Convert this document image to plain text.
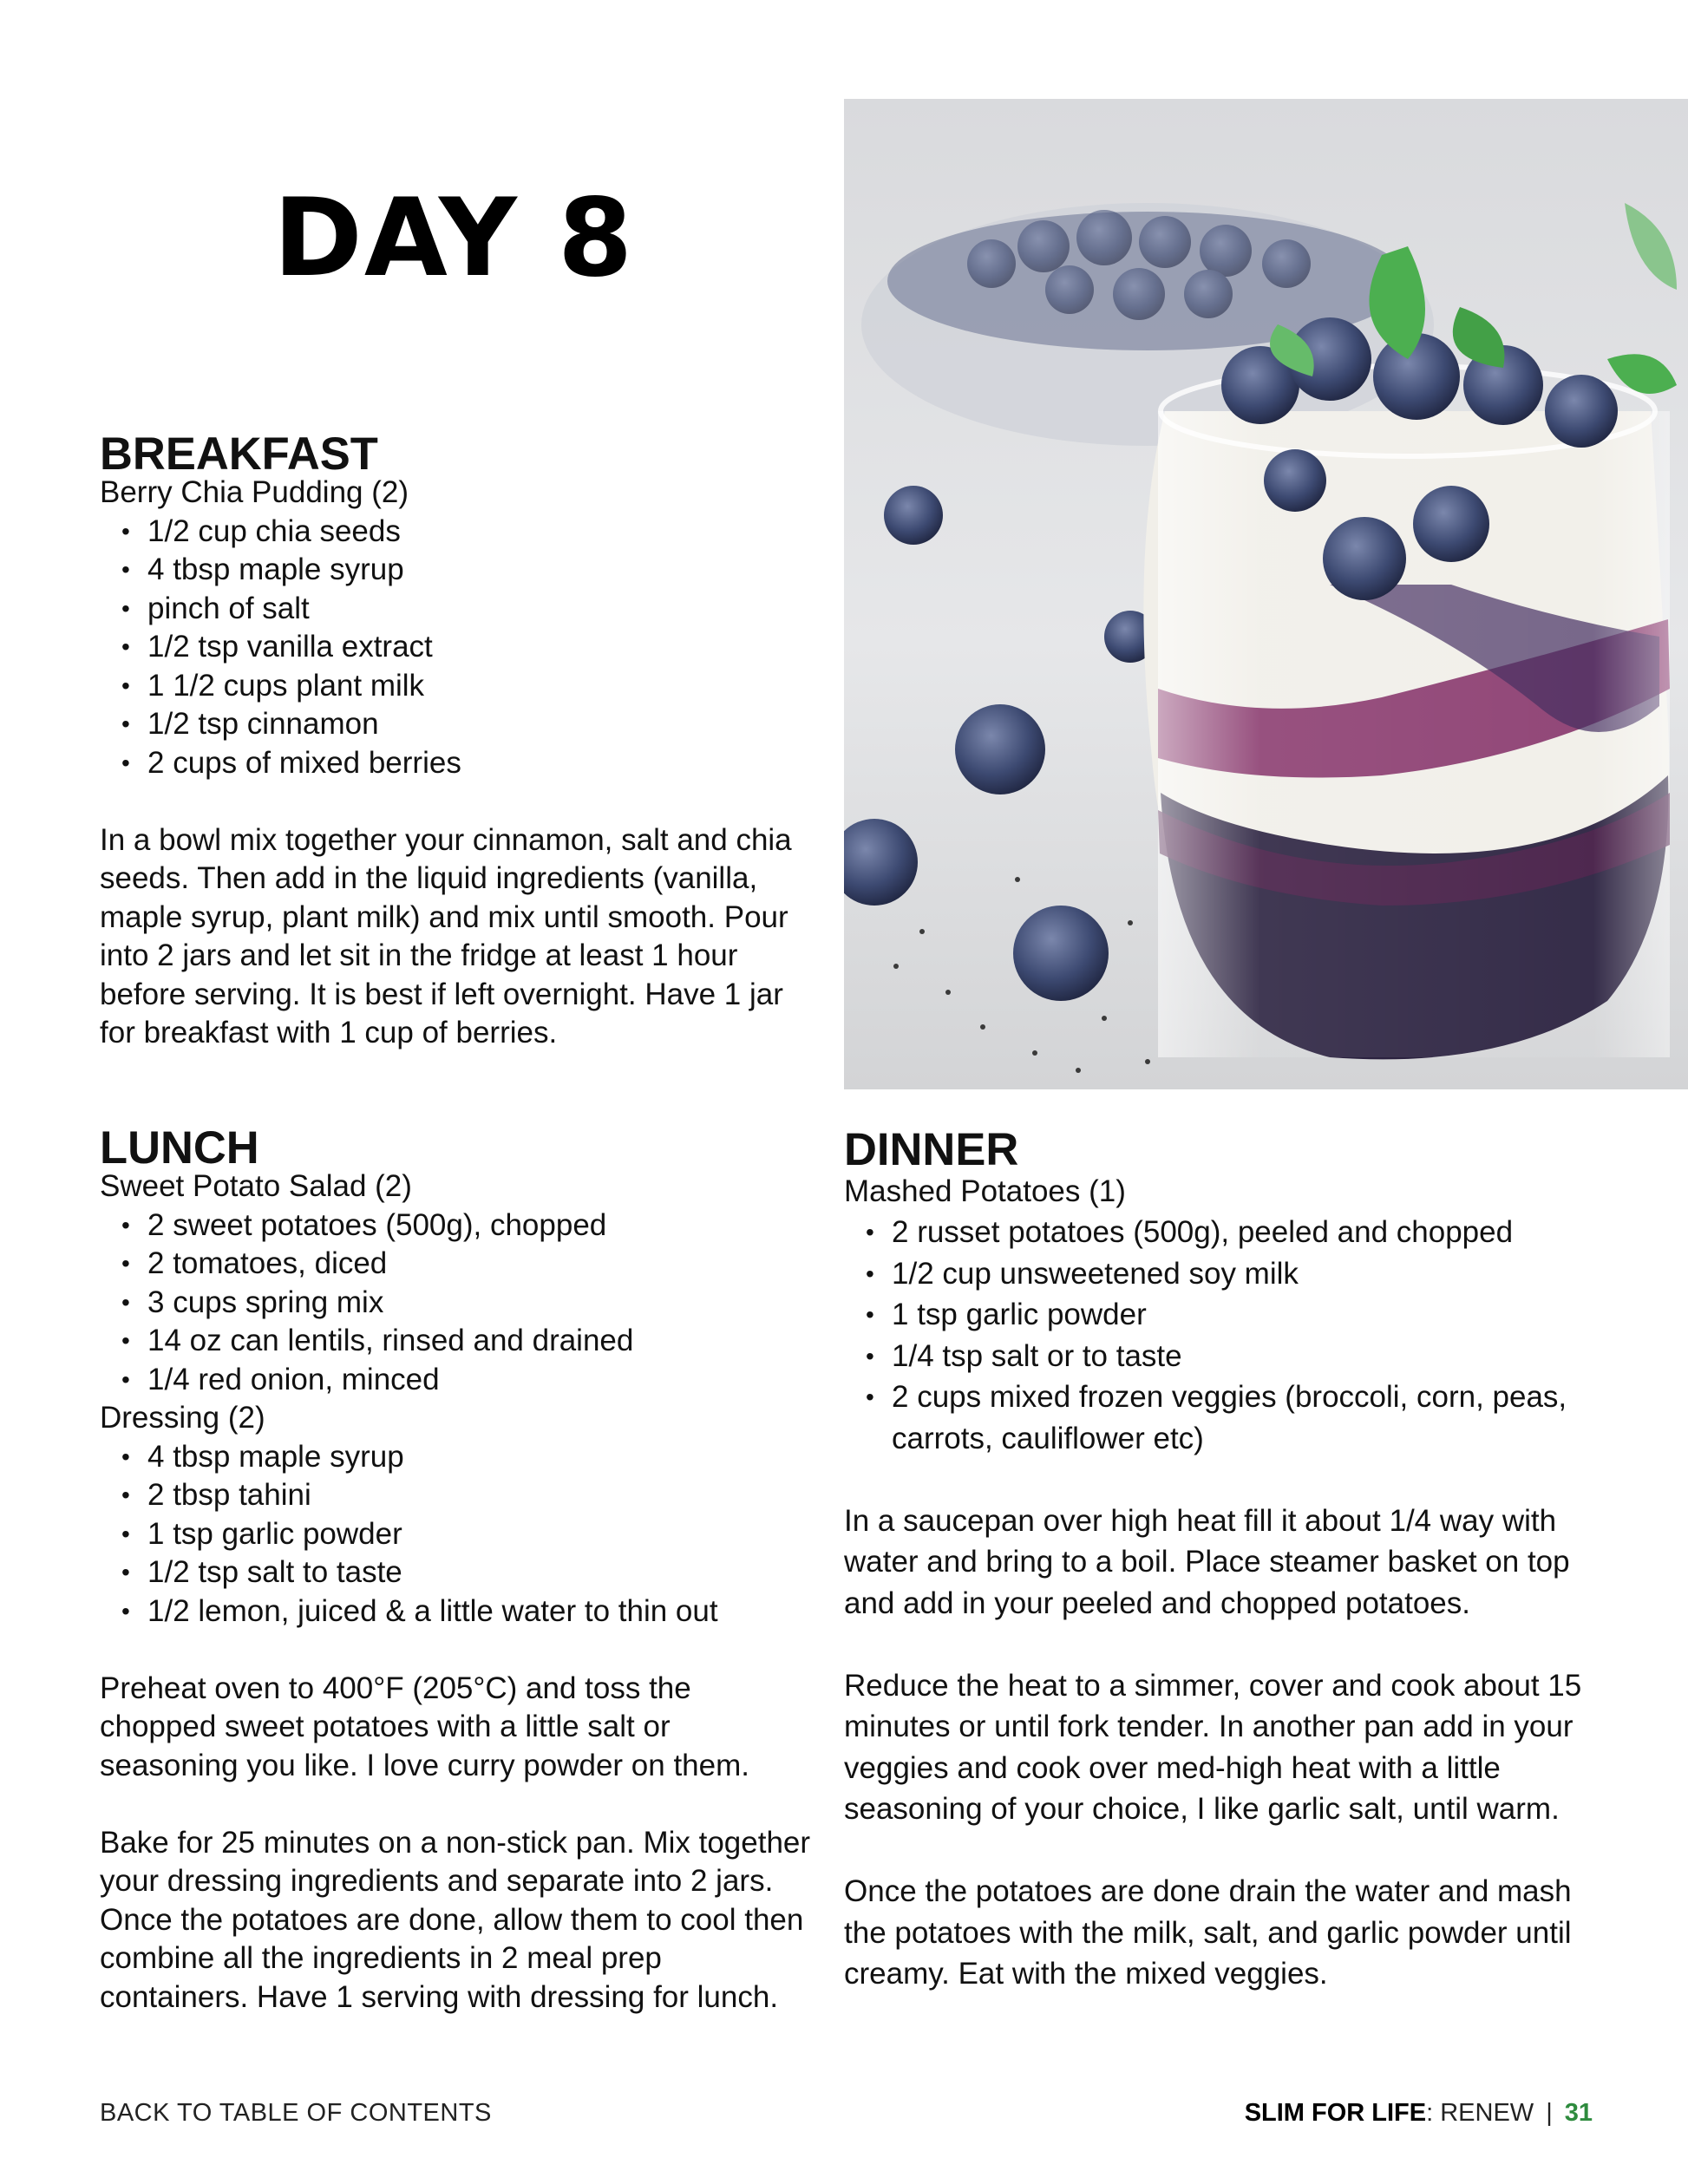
DAY 8
BREAKFAST

Berry Chia Pudding (2)

• 1/2 cup chia seeds
• 4 tbsp maple syrup
• pinch of salt
• 1/2 tsp vanilla extract
• 1 1/2 cups plant milk
• 1/2 tsp cinnamon
• 2 cups of mixed berries

In a bowl mix together your cinnamon, salt and chia seeds. Then add in the liquid ingredients (vanilla, maple syrup, plant milk) and mix until smooth. Pour into 2 jars and let sit in the fridge at least 1 hour before serving. It is best if left overnight. Have 1 jar for breakfast with 1 cup of berries.

LUNCH

Sweet Potato Salad (2)

• 2 sweet potatoes (500g), chopped
• 2 tomatoes, diced
• 3 cups spring mix
• 14 oz can lentils, rinsed and drained
• 1/4 red onion, minced

Dressing (2)

• 4 tbsp maple syrup
• 2 tbsp tahini
• 1 tsp garlic powder
• 1/2 tsp salt to taste
• 1/2 lemon, juiced & a little water to thin out

Preheat oven to 400°F (205°C) and toss the chopped sweet potatoes with a little salt or seasoning you like. I love curry powder on them.

Bake for 25 minutes on a non-stick pan. Mix together your dressing ingredients and separate into 2 jars. Once the potatoes are done, allow them to cool then combine all the ingredients in 2 meal prep containers. Have 1 serving with dressing for lunch.

DINNER

Mashed Potatoes (1)

• 2 russet potatoes (500g), peeled and chopped
• 1/2 cup unsweetened soy milk
• 1 tsp garlic powder
• 1/4 tsp salt or to taste
• 2 cups mixed frozen veggies (broccoli, corn, peas, carrots, cauliflower etc)

In a saucepan over high heat fill it about 1/4 way with water and bring to a boil. Place steamer basket on top and add in your peeled and chopped potatoes.

Reduce the heat to a simmer, cover and cook about 15 minutes or until fork tender. In another pan add in your veggies and cook over med-high heat with a little seasoning of your choice, I like garlic salt, until warm.

Once the potatoes are done drain the water and mash the potatoes with the milk, salt, and garlic powder until creamy. Eat with the mixed veggies.

BACK TO TABLE OF CONTENTS	SLIM FOR LIFE: RENEW | 31
